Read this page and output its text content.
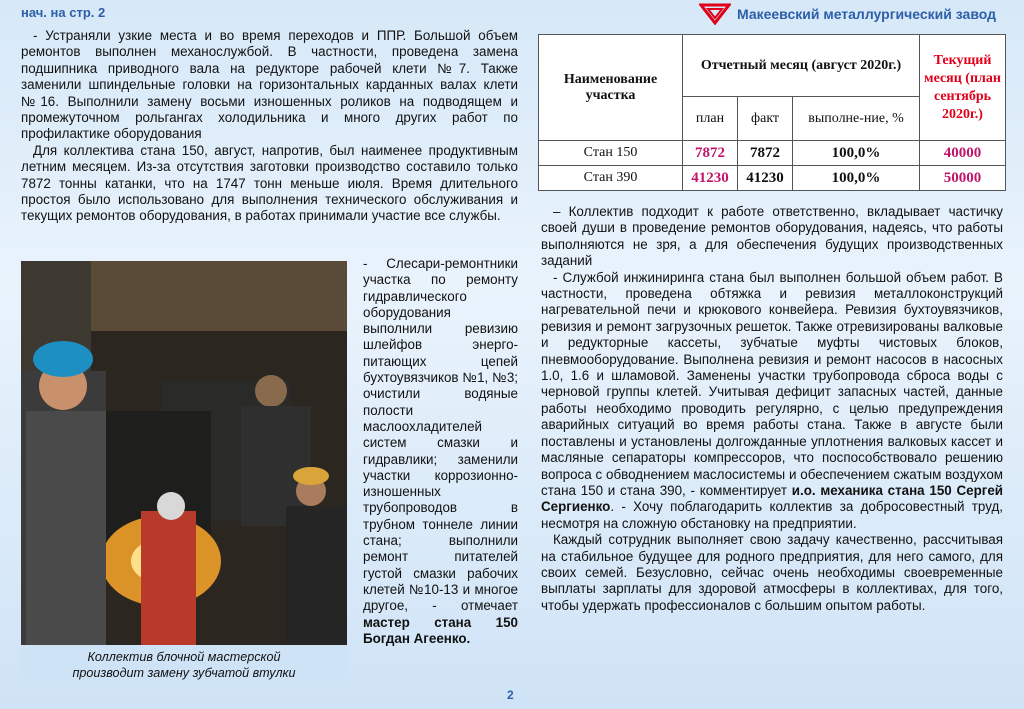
нач. на стр. 2	Макеевский металлургический завод

- Устраняли узкие места и во время переходов и ППР. Большой объем ремонтов выполнен механослужбой. В частности, проведена замена подшипника приводного вала на редукторе рабочей клети №7. Также заменили шпиндельные головки на горизонтальных карданных валах клети №16. Выполнили замену восьми изношенных роликов на подводящем и промежуточном рольгангах холодильника и много других работ по профилактике оборудования

Для коллектива стана 150, август, напротив, был наименее продуктивным летним месяцем. Из-за отсутствия заготовки производство составило только 7872 тонны катанки, что на 1747 тонн меньше июля. Время длительного простоя было использовано для выполнения технического обслуживания и текущих ремонтов оборудования, в работах принимали участие все службы.

Коллектив блочной мастерской
производит замену зубчатой втулки
- Слесари-ремонтники участка по ремонту гидравлического оборудования выполнили ревизию шлейфов энерго-питающих цепей бухтоувязчиков №1, №3; очистили водяные полости маслоохладителей систем смазки и гидравлики; заменили участки коррозионно-изношенных трубопроводов в трубном тоннеле линии стана; выполнили ремонт питателей густой смазки рабочих клетей №10-13 и многое другое, - отмечает мастер стана 150 Богдан Агеенко.
Наименование участка	Отчетный месяц (август 2020г.)			Текущий месяц (план сентябрь 2020г.)
	план	факт	выполне-ние, %	
Стан 150	7872	7872	100,0%	40000
Стан 390	41230	41230	100,0%	50000

– Коллектив подходит к работе ответственно, вкладывает частичку своей души в проведение ремонтов оборудования, надеясь, что работы выполняются не зря, а для обеспечения будущих производственных заданий

- Службой инжиниринга стана был выполнен большой объем работ. В частности, проведена обтяжка и ревизия металлоконструкций нагревательной печи и крюкового конвейера. Ревизия бухтоувязчиков, ревизия и ремонт загрузочных решеток. Также отревизированы валковые и редукторные кассеты, зубчатые муфты чистовых блоков, пневмооборудование. Выполнена ревизия и ремонт насосов в насосных 1.0, 1.6 и шламовой. Заменены участки трубопровода сброса воды с черновой группы клетей. Учитывая дефицит запасных частей, данные работы необходимо проводить регулярно, с целью предупреждения аварийных ситуаций во время работы стана. Также в августе были поставлены и установлены долгожданные уплотнения валковых кассет и масляные сепараторы компрессоров, что поспособствовало решению вопроса с обводнением маслосистемы и обеспечением сжатым воздухом стана 150 и стана 390, - комментирует и.о. механика стана 150 Сергей Сергиенко. - Хочу поблагодарить коллектив за добросовестный труд, несмотря на сложную обстановку на предприятии.

Каждый сотрудник выполняет свою задачу качественно, рассчитывая на стабильное будущее для родного предприятия, для него самого, для своих семей. Безусловно, сейчас очень необходимы своевременные выплаты зарплаты для здоровой атмосферы в коллективах, для того, чтобы удержать профессионалов с большим опытом работы.

2
